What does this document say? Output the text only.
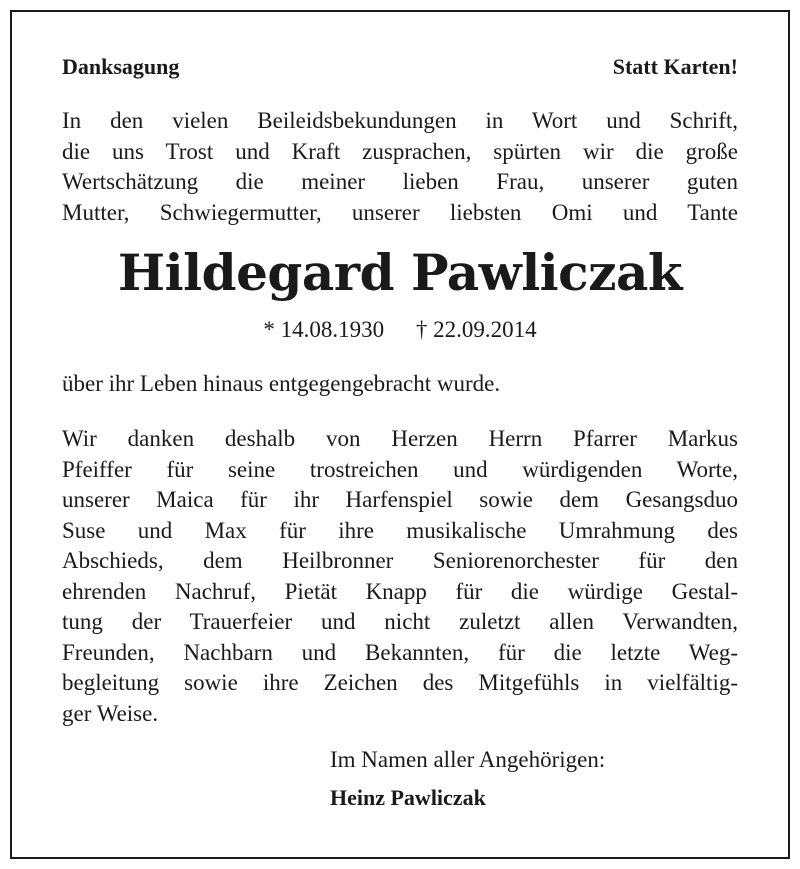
Danksagung	Statt Karten!
In den vielen Beileidsbekundungen in Wort und Schrift,
die uns Trost und Kraft zusprachen, spürten wir die große
Wertschätzung die meiner lieben Frau, unserer guten
Mutter, Schwiegermutter, unserer liebsten Omi und Tante
Hildegard Pawliczak
* 14.08.1930 † 22.09.2014
über ihr Leben hinaus entgegengebracht wurde.
Wir danken deshalb von Herzen Herrn Pfarrer Markus
Pfeiffer für seine trostreichen und würdigenden Worte,
unserer Maica für ihr Harfenspiel sowie dem Gesangsduo
Suse und Max für ihre musikalische Umrahmung des
Abschieds, dem Heilbronner Seniorenorchester für den
ehrenden Nachruf, Pietät Knapp für die würdige Gestal-
tung der Trauerfeier und nicht zuletzt allen Verwandten,
Freunden, Nachbarn und Bekannten, für die letzte Weg-
begleitung sowie ihre Zeichen des Mitgefühls in vielfältig-
ger Weise.
Im Namen aller Angehörigen:
Heinz Pawliczak
